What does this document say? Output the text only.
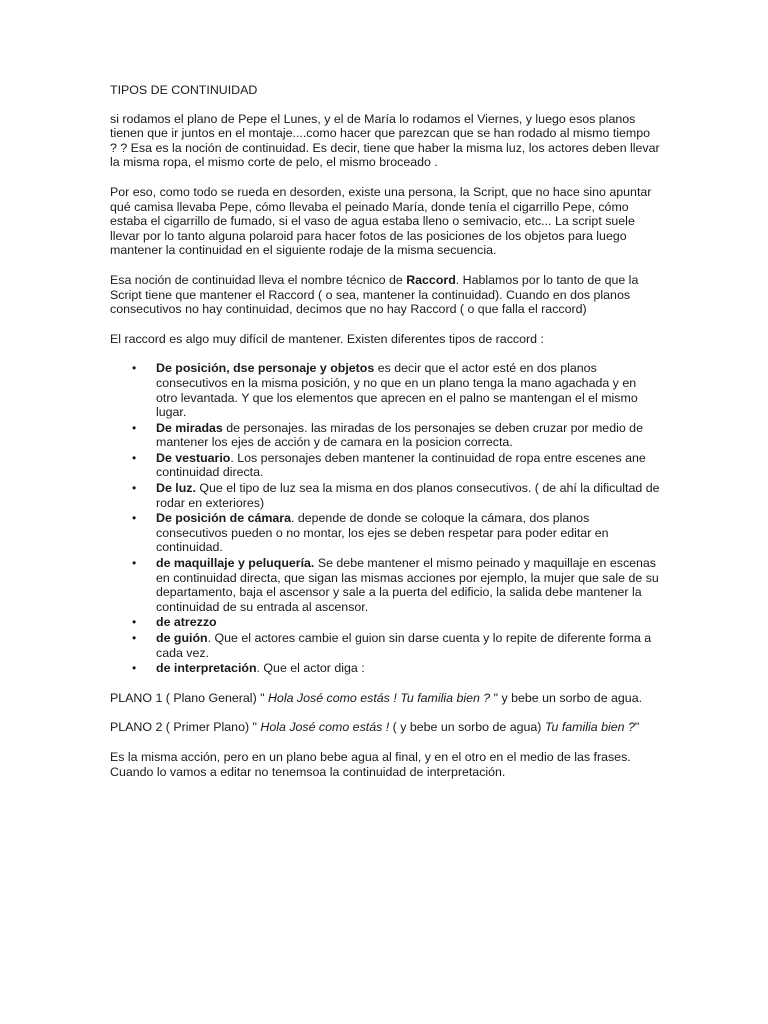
TIPOS DE CONTINUIDAD

si rodamos el plano de Pepe el Lunes, y el de María lo rodamos el Viernes, y luego esos planos tienen que ir juntos en el montaje....como hacer que parezcan que se han rodado al mismo tiempo ? ? Esa es la noción de continuidad. Es decir, tiene que haber la misma luz, los actores deben llevar la misma ropa, el mismo corte de pelo, el mismo broceado .

Por eso, como todo se rueda en desorden, existe una persona, la Script, que no hace sino apuntar qué camisa llevaba Pepe, cómo llevaba el peinado María, donde tenía el cigarrillo Pepe, cómo estaba el cigarrillo de fumado, si el vaso de agua estaba lleno o semivacio, etc... La script suele llevar por lo tanto alguna polaroid para hacer fotos de las posiciones de los objetos para luego mantener la continuidad en el siguiente rodaje de la misma secuencia.

Esa noción de continuidad lleva el nombre técnico de Raccord. Hablamos por lo tanto de que la Script tiene que mantener el Raccord ( o sea, mantener la continuidad). Cuando en dos planos consecutivos no hay continuidad, decimos que no hay Raccord ( o que falla el raccord)

El raccord es algo muy difícil de mantener. Existen diferentes tipos de raccord :

• De posición, dse personaje y objetos es decir que el actor esté en dos planos consecutivos en la misma posición, y no que en un plano tenga la mano agachada y en otro levantada. Y que los elementos que aprecen en el palno se mantengan el el mismo lugar.
• De miradas de personajes. las miradas de los personajes se deben cruzar por medio de mantener los ejes de acción y de camara en la posicion correcta.
• De vestuario. Los personajes deben mantener la continuidad de ropa entre escenes ane continuidad directa.
• De luz. Que el tipo de luz sea la misma en dos planos consecutivos. ( de ahí la dificultad de rodar en exteriores)
• De posición de cámara. depende de donde se coloque la cámara, dos planos consecutivos pueden o no montar, los ejes se deben respetar para poder editar en continuidad.
• de maquillaje y peluquería. Se debe mantener el mismo peinado y maquillaje en escenas en continuidad directa, que sigan las mismas acciones por ejemplo, la mujer que sale de su departamento, baja el ascensor y sale a la puerta del edificio, la salida debe mantener la continuidad de su entrada al ascensor.
• de atrezzo
• de guión. Que el actores cambie el guion sin darse cuenta y lo repite de diferente forma a cada vez.
• de interpretación. Que el actor diga :

PLANO 1 ( Plano General) " Hola José como estás ! Tu familia bien ? " y bebe un sorbo de agua.

PLANO 2 ( Primer Plano) " Hola José como estás ! ( y bebe un sorbo de agua) Tu familia bien ?"

Es la misma acción, pero en un plano bebe agua al final, y en el otro en el medio de las frases. Cuando lo vamos a editar no tenemsoa la continuidad de interpretación.
